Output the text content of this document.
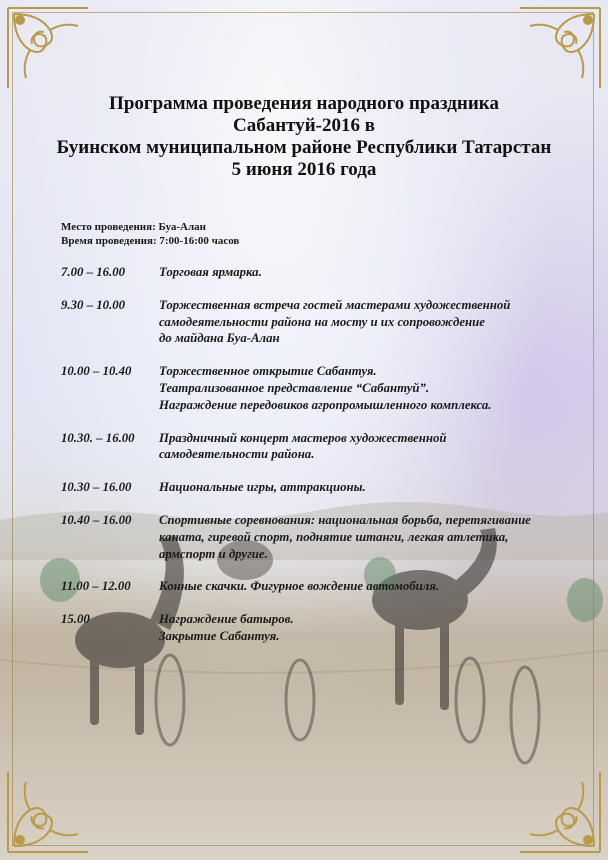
Программа проведения народного праздника
Сабантуй-2016 в
Буинском муниципальном районе Республики Татарстан
5 июня 2016 года
Место проведения: Буа-Алан
Время проведения: 7:00-16:00 часов
7.00 – 16.00	Торговая ярмарка.
9.30 – 10.00	Торжественная встреча гостей мастерами художественной
самодеятельности района на мосту и их сопровождение
до майдана Буа-Алан
10.00 – 10.40	Торжественное открытие Сабантуя.
Театрализованное представление “Сабантуй”.
Награждение передовиков агропромышленного комплекса.
10.30. – 16.00	Праздничный концерт мастеров художественной
самодеятельности района.
10.30 – 16.00	Национальные игры, аттракционы.
10.40 – 16.00	Спортивные соревнования: национальная борьба, перетягивание
каната, гиревой спорт, поднятие штанги, легкая атлетика,
армспорт и другие.
11.00 – 12.00	Конные скачки. Фигурное вождение автомобиля.
15.00	Награждение батыров.
Закрытие Сабантуя.
